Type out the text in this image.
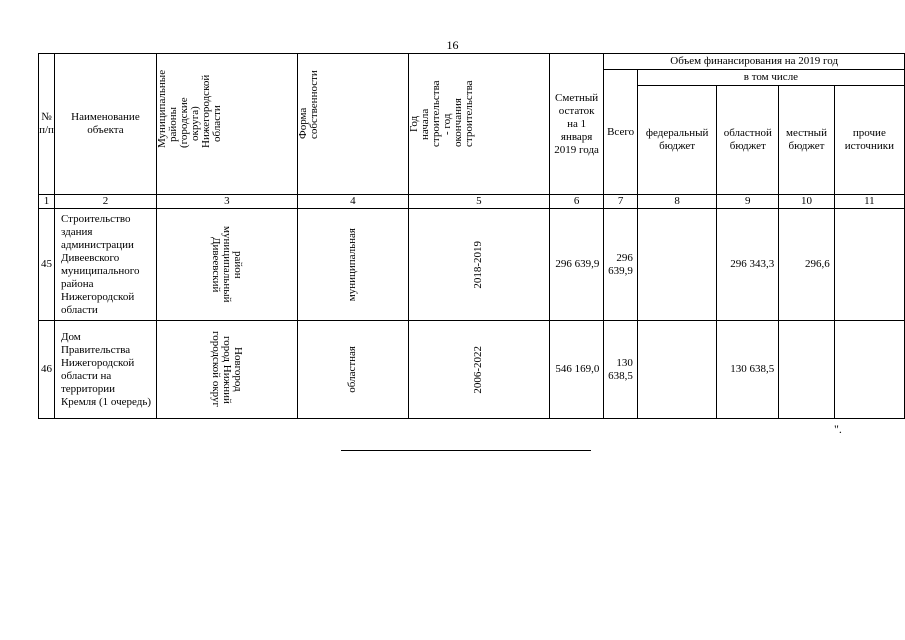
16
№ п/п	Наименование объекта	Муниципальные районы (городские округа) Нижегородской области	Форма собственности	Год начала строительства - год окончания строительства	Сметный остаток на 1 января 2019 года	Объем финансирования на 2019 год				
						Всего	в том числе			
							федеральный бюджет	областной бюджет	местный бюджет	прочие источники
1	2	3	4	5	6	7	8	9	10	11
45	Строительство здания администрации Дивеевского муниципального района Нижегородской области	Дивеевский муниципальный район	муниципальная	2018-2019	296 639,9	296 639,9		296 343,3	296,6	
46	Дом Правительства Нижегородской области на территории Кремля (1 очередь)	городской округ город Нижний Новгород	областная	2006-2022	546 169,0	130 638,5		130 638,5		
".
